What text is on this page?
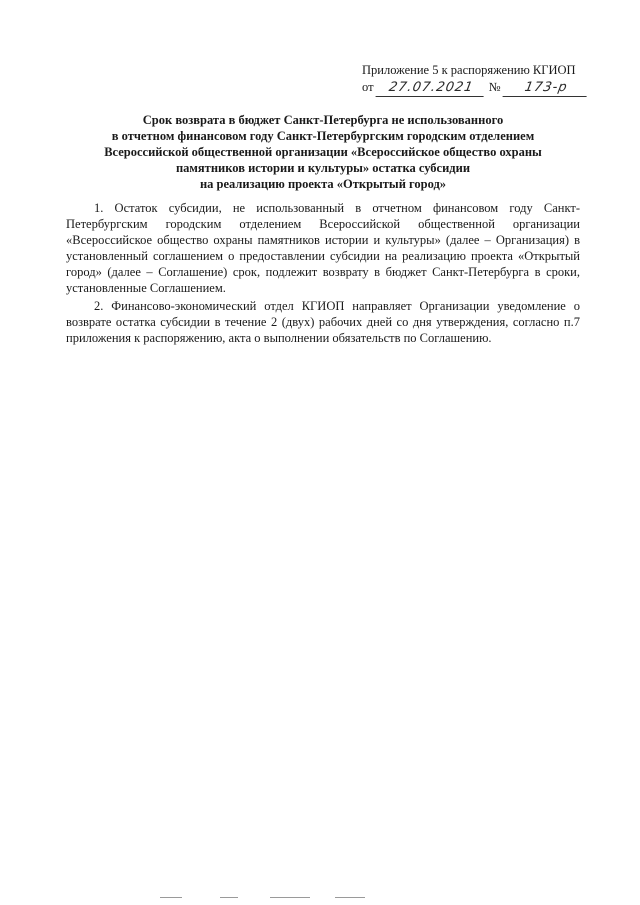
Приложение 5 к распоряжению КГИОП
от 27.07.2021 № 173-р
Срок возврата в бюджет Санкт-Петербурга не использованного
в отчетном финансовом году Санкт-Петербургским городским отделением
Всероссийской общественной организации «Всероссийское общество охраны
памятников истории и культуры» остатка субсидии
на реализацию проекта «Открытый город»

1. Остаток субсидии, не использованный в отчетном финансовом году Санкт-Петербургским городским отделением Всероссийской общественной организации «Всероссийское общество охраны памятников истории и культуры» (далее – Организация) в установленный соглашением о предоставлении субсидии на реализацию проекта «Открытый город» (далее – Соглашение) срок, подлежит возврату в бюджет Санкт-Петербурга в сроки, установленные Соглашением.

2. Финансово-экономический отдел КГИОП направляет Организации уведомление о возврате остатка субсидии в течение 2 (двух) рабочих дней со дня утверждения, согласно п.7 приложения к распоряжению, акта о выполнении обязательств по Соглашению.
